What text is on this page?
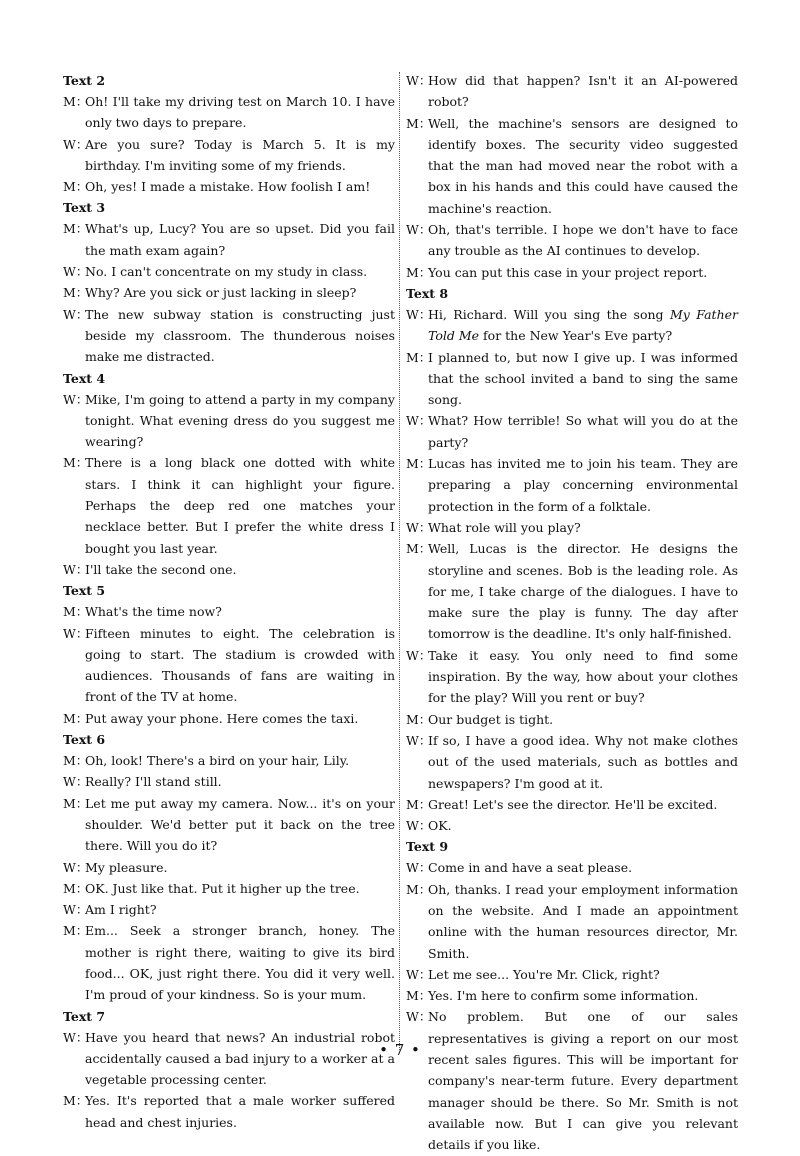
Text 2
M：
Oh! I'll take my driving test on March 10. I have only two days to prepare.
W：
Are you sure? Today is March 5. It is my birthday. I'm inviting some of my friends.
M：
Oh, yes! I made a mistake. How foolish I am!
Text 3
M：
What's up, Lucy? You are so upset. Did you fail the math exam again?
W：
No. I can't concentrate on my study in class.
M：
Why? Are you sick or just lacking in sleep?
W：
The new subway station is constructing just beside my classroom. The thunderous noises make me distracted.
Text 4
W：
Mike, I'm going to attend a party in my company tonight. What evening dress do you suggest me wearing?
M：
There is a long black one dotted with white stars. I think it can highlight your figure. Perhaps the deep red one matches your necklace better. But I prefer the white dress I bought you last year.
W：
I'll take the second one.
Text 5
M：
What's the time now?
W：
Fifteen minutes to eight. The celebration is going to start. The stadium is crowded with audiences. Thousands of fans are waiting in front of the TV at home.
M：
Put away your phone. Here comes the taxi.
Text 6
M：
Oh, look! There's a bird on your hair, Lily.
W：
Really? I'll stand still.
M：
Let me put away my camera. Now... it's on your shoulder. We'd better put it back on the tree there. Will you do it?
W：
My pleasure.
M：
OK. Just like that. Put it higher up the tree.
W：
Am I right?
M：
Em... Seek a stronger branch, honey. The mother is right there, waiting to give its bird food... OK, just right there. You did it very well. I'm proud of your kindness. So is your mum.
Text 7
W：
Have you heard that news? An industrial robot accidentally caused a bad injury to a worker at a vegetable processing center.
M：
Yes. It's reported that a male worker suffered head and chest injuries.
W：
How did that happen? Isn't it an AI-powered robot?
M：
Well, the machine's sensors are designed to identify boxes. The security video suggested that the man had moved near the robot with a box in his hands and this could have caused the machine's reaction.
W：
Oh, that's terrible. I hope we don't have to face any trouble as the AI continues to develop.
M：
You can put this case in your project report.
Text 8
W：
Hi, Richard. Will you sing the song My Father Told Me for the New Year's Eve party?
M：
I planned to, but now I give up. I was informed that the school invited a band to sing the same song.
W：
What? How terrible! So what will you do at the party?
M：
Lucas has invited me to join his team. They are preparing a play concerning environmental protection in the form of a folktale.
W：
What role will you play?
M：
Well, Lucas is the director. He designs the storyline and scenes. Bob is the leading role. As for me, I take charge of the dialogues. I have to make sure the play is funny. The day after tomorrow is the deadline. It's only half-finished.
W：
Take it easy. You only need to find some inspiration. By the way, how about your clothes for the play? Will you rent or buy?
M：
Our budget is tight.
W：
If so, I have a good idea. Why not make clothes out of the used materials, such as bottles and newspapers? I'm good at it.
M：
Great! Let's see the director. He'll be excited.
W：
OK.
Text 9
W：
Come in and have a seat please.
M：
Oh, thanks. I read your employment information on the website. And I made an appointment online with the human resources director, Mr. Smith.
W：
Let me see... You're Mr. Click, right?
M：
Yes. I'm here to confirm some information.
W：
No problem. But one of our sales representatives is giving a report on our most recent sales figures. This will be important for company's near-term future. Every department manager should be there. So Mr. Smith is not available now. But I can give you relevant details if you like.
• 7 •
